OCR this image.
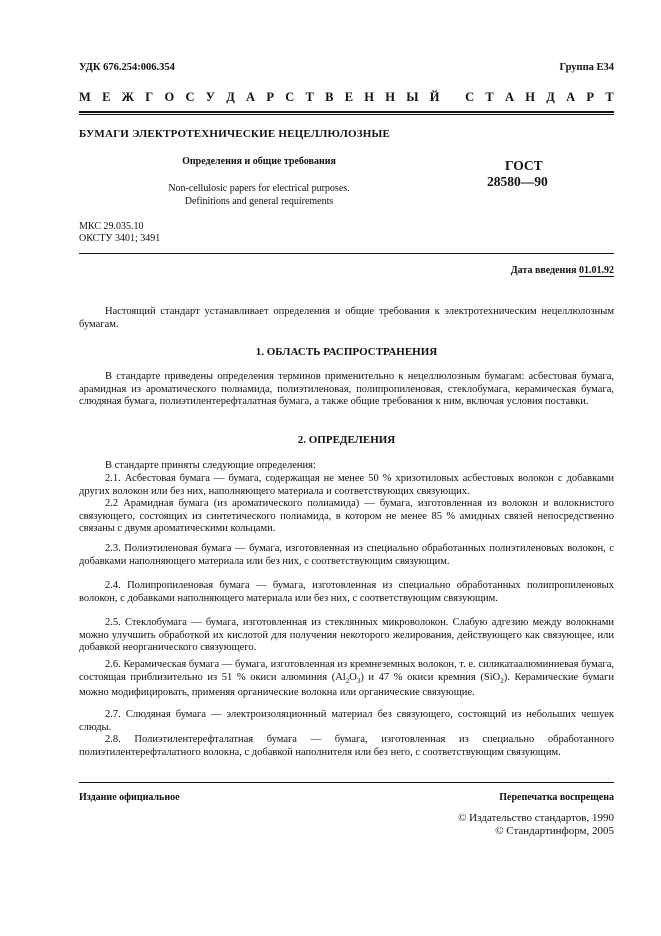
УДК 676.254:006.354	Группа Е34
М Е Ж Г О С У Д А Р С Т В Е Н Н Ы Й
С Т А Н Д А Р Т
БУМАГИ ЭЛЕКТРОТЕХНИЧЕСКИЕ НЕЦЕЛЛЮЛОЗНЫЕ
Определения и общие требования
Non-cellulosic papers for electrical purposes.
Definitions and general requirements
ГОСТ
28580—90
МКС 29.035.10
ОКСТУ 3401; 3491
Дата введения 01.01.92
Настоящий стандарт устанавливает определения и общие требования к электротехническим нецеллюлозным бумагам.
1. ОБЛАСТЬ РАСПРОСТРАНЕНИЯ
В стандарте приведены определения терминов применительно к нецеллюлозным бумагам: асбестовая бумага, арамидная из ароматического полиамида, полиэтиленовая, полипропиленовая, стеклобумага, керамическая бумага, слюдяная бумага, полиэтилентерефталатная бумага, а также общие требования к ним, включая условия поставки.
2. ОПРЕДЕЛЕНИЯ
В стандарте приняты следующие определения:
2.1. Асбестовая бумага — бумага, содержащая не менее 50 % хризотиловых асбестовых волокон с добавками других волокон или без них, наполняющего материала и соответствующих связующих.
2.2 Арамидная бумага (из ароматического полиамида) — бумага, изготовленная из волокон и волокнистого связующего, состоящих из синтетического полиамида, в котором не менее 85 % амидных связей непосредственно связаны с двумя ароматическими кольцами.
2.3. Полиэтиленовая бумага — бумага, изготовленная из специально обработанных полиэтиленовых волокон, с добавками наполняющего материала или без них, с соответствующим связующим.
2.4. Полипропиленовая бумага — бумага, изготовленная из специально обработанных полипропиленовых волокон, с добавками наполняющего материала или без них, с соответствующим связующим.
2.5. Стеклобумага — бумага, изготовленная из стеклянных микроволокон. Слабую адгезию между волокнами можно улучшить обработкой их кислотой для получения некоторого желирования, действующего как связующее, или добавкой неорганического связующего.
2.6. Керамическая бумага — бумага, изготовленная из кремнеземных волокон, т. е. силикатаалюминиевая бумага, состоящая приблизительно из 51 % окиси алюминия $(Al_2O_3)$ и 47 % окиси кремния (SiO$_2$). Керамические бумаги можно модифицировать, применяя органические волокна или органические связующие.
2.7. Слюдяная бумага — электроизоляционный материал без связующего, состоящий из небольших чешуек слюды.
2.8. Полиэтилентерефталатная бумага — бумага, изготовленная из специально обработанного полиэтилентерефталатного волокна, с добавкой наполнителя или без него, с соответствующим связующим.
Издание официальное	Перепечатка воспрещена
© Издательство стандартов, 1990
© Стандартинформ, 2005
